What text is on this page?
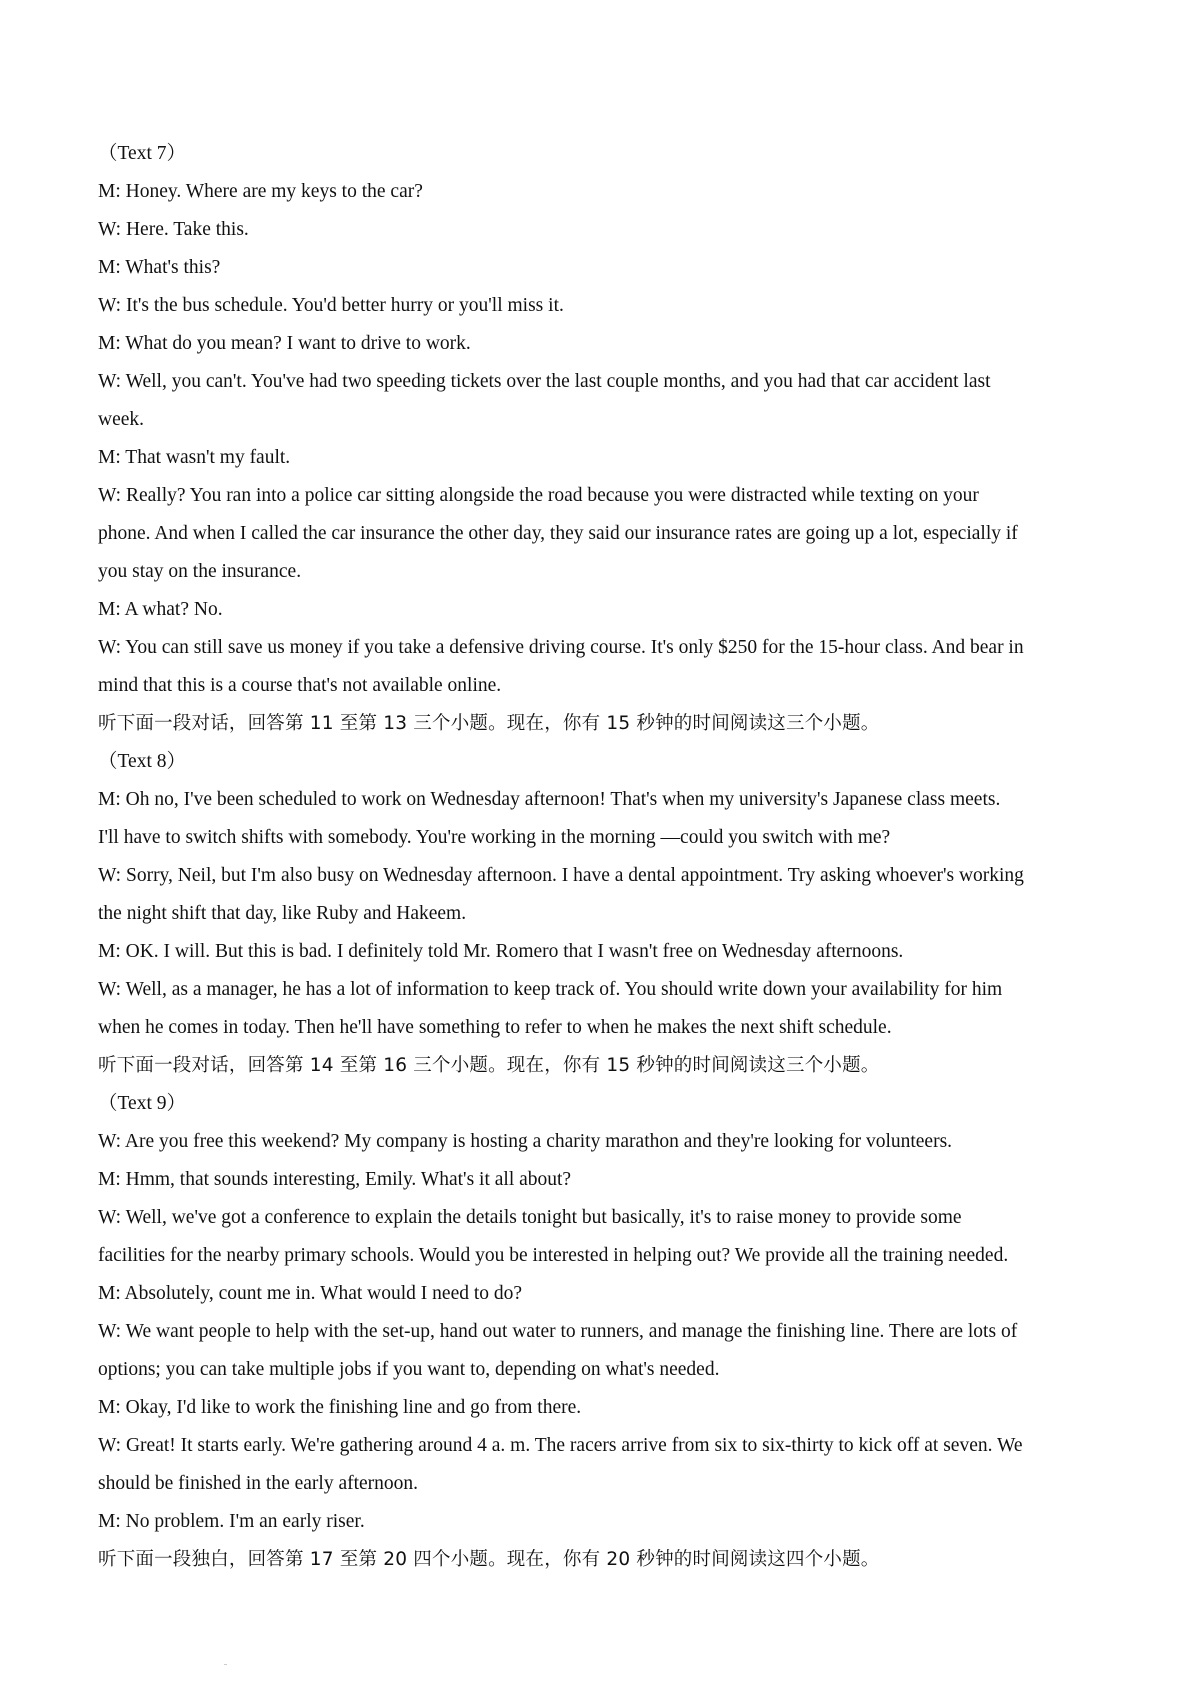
（Text 7）
M: Honey. Where are my keys to the car?
W: Here. Take this.
M: What's this?
W: It's the bus schedule. You'd better hurry or you'll miss it.
M: What do you mean? I want to drive to work.
W: Well, you can't. You've had two speeding tickets over the last couple months, and you had that car accident last
week.
M: That wasn't my fault.
W: Really? You ran into a police car sitting alongside the road because you were distracted while texting on your
phone. And when I called the car insurance the other day, they said our insurance rates are going up a lot, especially if
you stay on the insurance.
M: A what? No.
W: You can still save us money if you take a defensive driving course. It's only $250 for the 15-hour class. And bear in
mind that this is a course that's not available online.
听下面一段对话，回答第 11 至第 13 三个小题。现在，你有 15 秒钟的时间阅读这三个小题。
（Text 8）
M: Oh no, I've been scheduled to work on Wednesday afternoon! That's when my university's Japanese class meets.
I'll have to switch shifts with somebody. You're working in the morning —could you switch with me?
W: Sorry, Neil, but I'm also busy on Wednesday afternoon. I have a dental appointment. Try asking whoever's working
the night shift that day, like Ruby and Hakeem.
M: OK. I will. But this is bad. I definitely told Mr. Romero that I wasn't free on Wednesday afternoons.
W: Well, as a manager, he has a lot of information to keep track of. You should write down your availability for him
when he comes in today. Then he'll have something to refer to when he makes the next shift schedule.
听下面一段对话，回答第 14 至第 16 三个小题。现在，你有 15 秒钟的时间阅读这三个小题。
（Text 9）
W: Are you free this weekend? My company is hosting a charity marathon and they're looking for volunteers.
M: Hmm, that sounds interesting, Emily. What's it all about?
W: Well, we've got a conference to explain the details tonight but basically, it's to raise money to provide some
facilities for the nearby primary schools. Would you be interested in helping out? We provide all the training needed.
M: Absolutely, count me in. What would I need to do?
W: We want people to help with the set-up, hand out water to runners, and manage the finishing line. There are lots of
options; you can take multiple jobs if you want to, depending on what's needed.
M: Okay, I'd like to work the finishing line and go from there.
W: Great! It starts early. We're gathering around 4 a. m. The racers arrive from six to six-thirty to kick off at seven. We
should be finished in the early afternoon.
M: No problem. I'm an early riser.
听下面一段独白，回答第 17 至第 20 四个小题。现在，你有 20 秒钟的时间阅读这四个小题。
